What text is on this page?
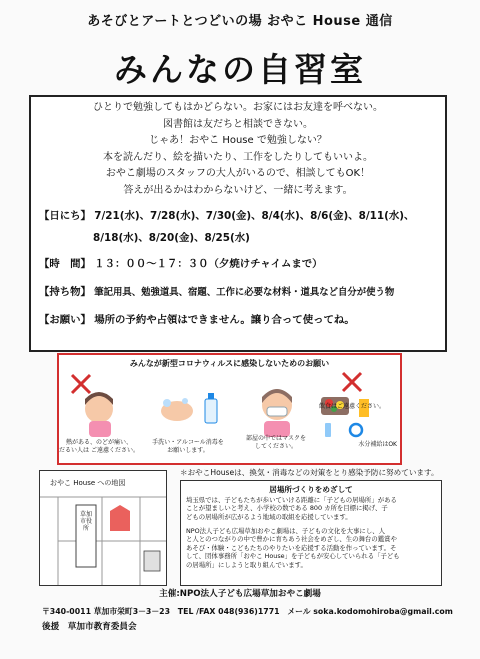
あそびとアートとつどいの場 おやこ House 通信
みんなの自習室
ひとりで勉強してもはかどらない。お家にはお友達を呼べない。
図書館は友だちと相談できない。
じゃあ！おやこ House で勉強しない？
本を読んだり、絵を描いたり、工作をしたりしてもいいよ。
おやこ劇場のスタッフの大人がいるので、相談してもOK！
答えが出るかはわからないけど、一緒に考えます。
【日にち】 7/21(水)、7/28(水)、7/30(金)、8/4(水)、8/6(金)、8/11(水)、
8/18(水)、8/20(金)、8/25(水)
【時　間】 １３：００～１７：３０（夕焼けチャイムまで）
【持ち物】 筆記用具、勉強道具、宿題、工作に必要な材料・道具など自分が使う物
【お願い】 場所の予約や占領はできません。譲り合って使ってね。
みんなが新型コロナウィルスに感染しないためのお願い
熱がある、のどが痛い、
だるい人は ご遠慮ください。
手洗い・アルコール消毒を
お願いします。
部屋の中ではマスクを
してください。
飲食はご遠慮ください。
水分補給はOK
＊おやこHouseは、換気・消毒などの対策をとり感染予防に努めています。
おやこ House への地図
草加市役所
居場所づくりをめざして
埼玉県では、子どもたちが歩いていける距離に「子どもの居場所」がある
ことが望ましいと考え、小学校の数である 800 カ所を目標に掲げ、子
どもの居場所が広がるよう地域の取組を応援しています。
NPO法人子ども広場草加おやこ劇場は、子どもの文化を大事にし、人
と人とのつながりの中で豊かに育ちあう社会をめざし、生の舞台の鑑賞や
あそび・体験・こどもたちのやりたいを応援する活動を作っています。そ
して、団体事務所「おやこ House」を子どもが安心していられる「子ども
の居場所」にしようと取り組んでいます。
主催:NPO法人子ども広場草加おやこ劇場
〒340-0011 草加市栄町3－3－23　TEL /FAX 048(936)1771　メール soka.kodomohiroba@gmail.com
後援　草加市教育委員会
